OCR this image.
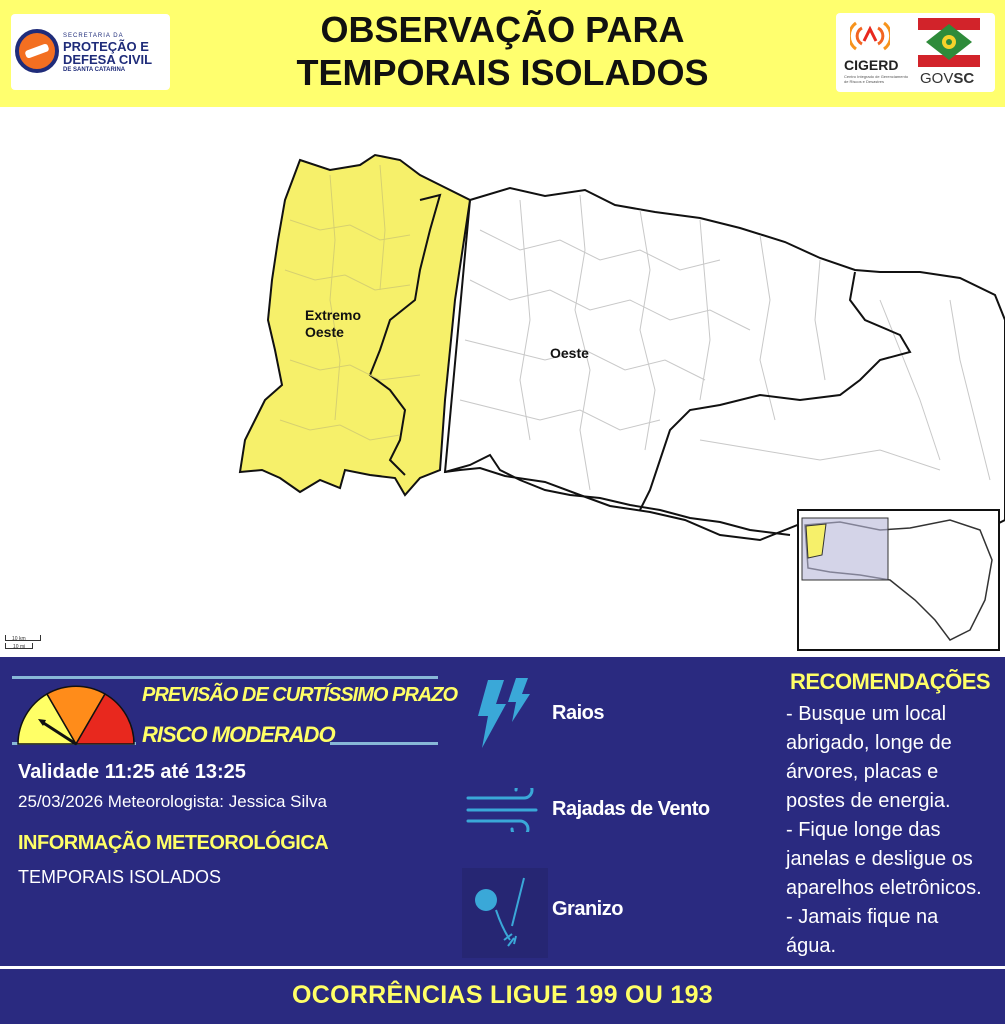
SECRETARIA DA
PROTEÇÃO E
DEFESA CIVIL
DE SANTA CATARINA
OBSERVAÇÃO PARA
TEMPORAIS ISOLADOS	CIGERD
Centro Integrado de Gerenciamento de Riscos e Desastres	GOVSC
Extremo
Oeste
Oeste
10 km
10 mi
PREVISÃO DE CURTÍSSIMO PRAZO
RISCO MODERADO
Validade 11:25 até 13:25
25/03/2026 Meteorologista: Jessica Silva
INFORMAÇÃO METEOROLÓGICA
TEMPORAIS ISOLADOS
Raios
Rajadas de Vento
Granizo
RECOMENDAÇÕES

- Busque um local

abrigado, longe de

árvores, placas e

postes de energia.

- Fique longe das

janelas e desligue os

aparelhos eletrônicos.

- Jamais fique na

água.

OCORRÊNCIAS LIGUE 199 OU 193
